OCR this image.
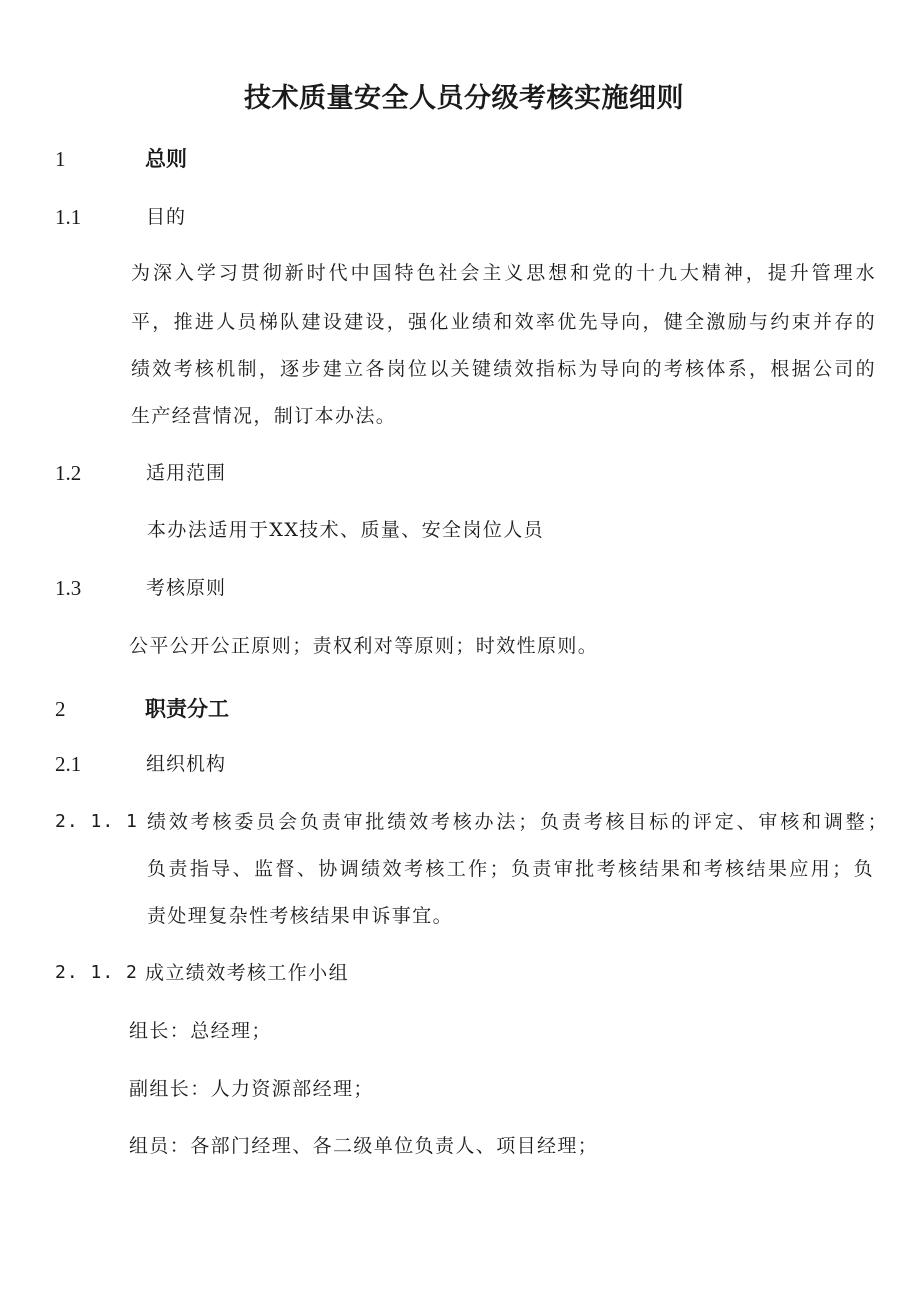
技术质量安全人员分级考核实施细则
1	总则
1.1	目的
为深入学习贯彻新时代中国特色社会主义思想和党的十九大精神，提升管理水
平，推进人员梯队建设建设，强化业绩和效率优先导向，健全激励与约束并存的
绩效考核机制，逐步建立各岗位以关键绩效指标为导向的考核体系，根据公司的
生产经营情况，制订本办法。
1.2	适用范围
本办法适用于XX技术、质量、安全岗位人员
1.3	考核原则
公平公开公正原则；责权利对等原则；时效性原则。
2	职责分工
2.1	组织机构
2. 1. 1 绩效考核委员会负责审批绩效考核办法；负责考核目标的评定、审核和调整；
负责指导、监督、协调绩效考核工作；负责审批考核结果和考核结果应用；负
责处理复杂性考核结果申诉事宜。
2. 1. 2 成立绩效考核工作小组
组长：总经理；
副组长：人力资源部经理；
组员：各部门经理、各二级单位负责人、项目经理；
